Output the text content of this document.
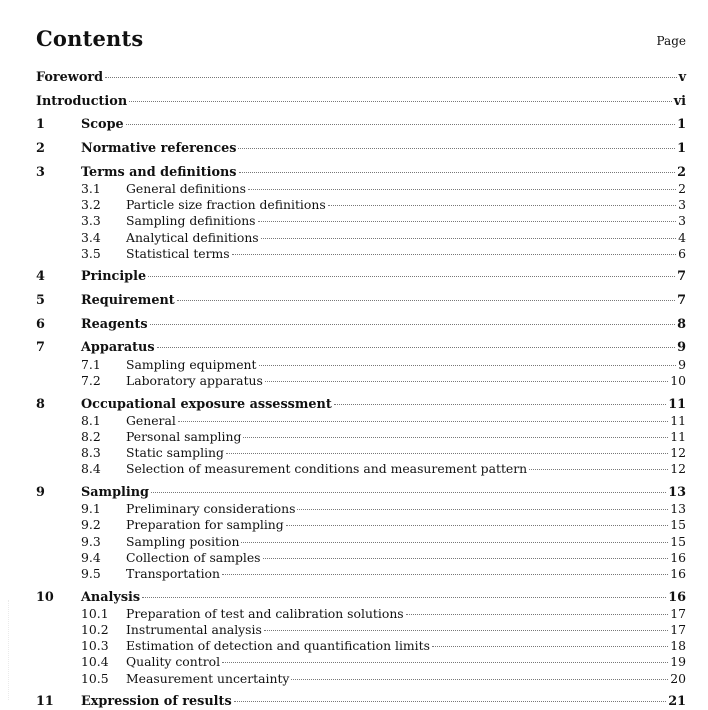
Contents	Page
Foreword	v
Introduction	vi
1	Scope	1
2	Normative references	1
3	Terms and definitions	2
3.1	General definitions	2
3.2	Particle size fraction definitions	3
3.3	Sampling definitions	3
3.4	Analytical definitions	4
3.5	Statistical terms	6
4	Principle	7
5	Requirement	7
6	Reagents	8
7	Apparatus	9
7.1	Sampling equipment	9
7.2	Laboratory apparatus	10
8	Occupational exposure assessment	11
8.1	General	11
8.2	Personal sampling	11
8.3	Static sampling	12
8.4	Selection of measurement conditions and measurement pattern	12
9	Sampling	13
9.1	Preliminary considerations	13
9.2	Preparation for sampling	15
9.3	Sampling position	15
9.4	Collection of samples	16
9.5	Transportation	16
10	Analysis	16
10.1	Preparation of test and calibration solutions	17
10.2	Instrumental analysis	17
10.3	Estimation of detection and quantification limits	18
10.4	Quality control	19
10.5	Measurement uncertainty	20
11	Expression of results	21
